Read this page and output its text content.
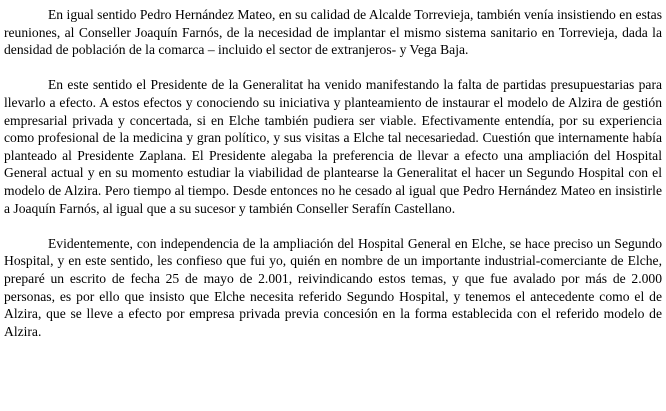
En igual sentido Pedro Hernández Mateo, en su calidad de Alcalde Torrevieja, también venía insistiendo en estas reuniones, al Conseller Joaquín Farnós, de la necesidad de implantar el mismo sistema sanitario en Torrevieja, dada la densidad de población de la comarca – incluido el sector de extranjeros- y Vega Baja.

En este sentido el Presidente de la Generalitat ha venido manifestando la falta de partidas presupuestarias para llevarlo a efecto. A estos efectos y conociendo su iniciativa y planteamiento de instaurar el modelo de Alzira de gestión empresarial privada y concertada, si en Elche también pudiera ser viable. Efectivamente entendía, por su experiencia como profesional de la medicina y gran político, y sus visitas a Elche tal necesariedad. Cuestión que internamente había planteado al Presidente Zaplana. El Presidente alegaba la preferencia de llevar a efecto una ampliación del Hospital General actual y en su momento estudiar la viabilidad de plantearse la Generalitat el hacer un Segundo Hospital con el modelo de Alzira. Pero tiempo al tiempo. Desde entonces no he cesado al igual que Pedro Hernández Mateo en insistirle a Joaquín Farnós, al igual que a su sucesor y también Conseller Serafín Castellano.

Evidentemente, con independencia de la ampliación del Hospital General en Elche, se hace preciso un Segundo Hospital, y en este sentido, les confieso que fui yo, quién en nombre de un importante industrial-comerciante de Elche, preparé un escrito de fecha 25 de mayo de 2.001, reivindicando estos temas, y que fue avalado por más de 2.000 personas, es por ello que insisto que Elche necesita referido Segundo Hospital, y tenemos el antecedente como el de Alzira, que se lleve a efecto por empresa privada previa concesión en la forma establecida con el referido modelo de Alzira.
